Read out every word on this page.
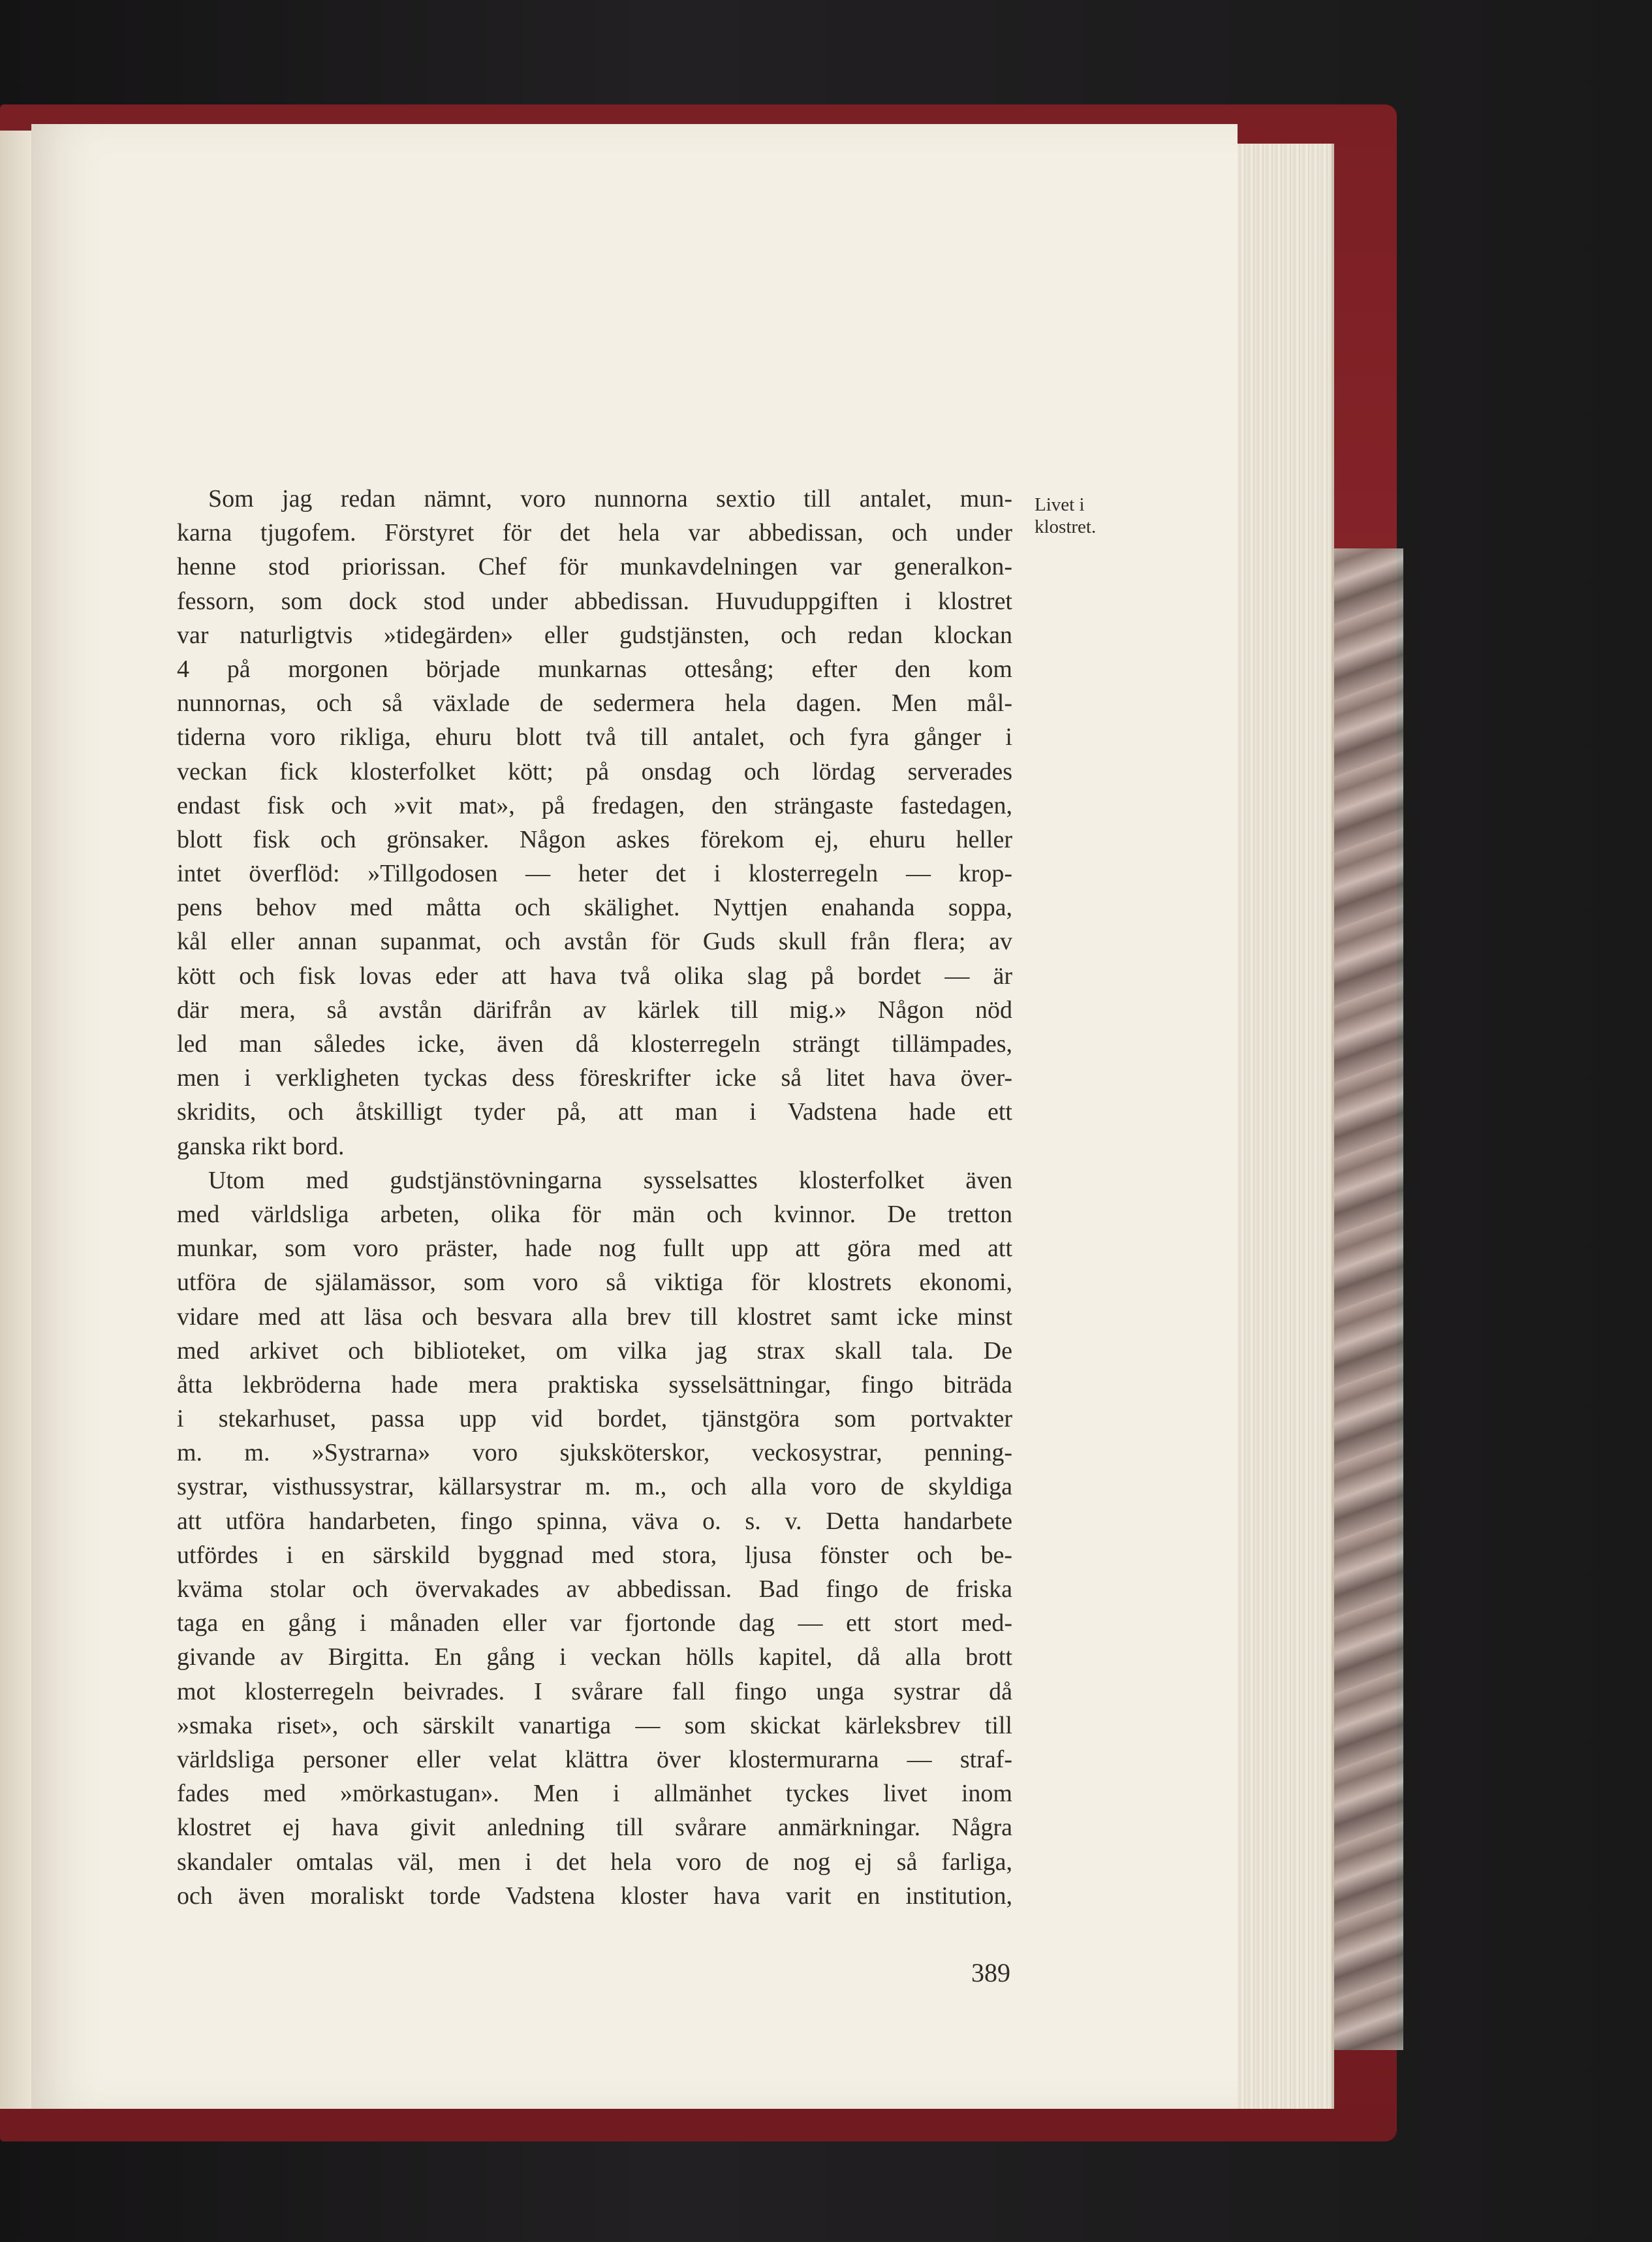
Som jag redan nämnt, voro nunnorna sextio till antalet, mun-
karna tjugofem. Förstyret för det hela var abbedissan, och under
henne stod priorissan. Chef för munkavdelningen var generalkon-
fessorn, som dock stod under abbedissan. Huvuduppgiften i klostret
var naturligtvis »tidegärden» eller gudstjänsten, och redan klockan
4 på morgonen började munkarnas ottesång; efter den kom
nunnornas, och så växlade de sedermera hela dagen. Men mål-
tiderna voro rikliga, ehuru blott två till antalet, och fyra gånger i
veckan fick klosterfolket kött; på onsdag och lördag serverades
endast fisk och »vit mat», på fredagen, den strängaste fastedagen,
blott fisk och grönsaker. Någon askes förekom ej, ehuru heller
intet överflöd: »Tillgodosen — heter det i klosterregeln — krop-
pens behov med måtta och skälighet. Nyttjen enahanda soppa,
kål eller annan supanmat, och avstån för Guds skull från flera; av
kött och fisk lovas eder att hava två olika slag på bordet — är
där mera, så avstån därifrån av kärlek till mig.» Någon nöd
led man således icke, även då klosterregeln strängt tillämpades,
men i verkligheten tyckas dess föreskrifter icke så litet hava över-
skridits, och åtskilligt tyder på, att man i Vadstena hade ett
ganska rikt bord.
Utom med gudstjänstövningarna sysselsattes klosterfolket även
med världsliga arbeten, olika för män och kvinnor. De tretton
munkar, som voro präster, hade nog fullt upp att göra med att
utföra de själamässor, som voro så viktiga för klostrets ekonomi,
vidare med att läsa och besvara alla brev till klostret samt icke minst
med arkivet och biblioteket, om vilka jag strax skall tala. De
åtta lekbröderna hade mera praktiska sysselsättningar, fingo biträda
i stekarhuset, passa upp vid bordet, tjänstgöra som portvakter
m. m. »Systrarna» voro sjuksköterskor, veckosystrar, penning-
systrar, visthussystrar, källarsystrar m. m., och alla voro de skyldiga
att utföra handarbeten, fingo spinna, väva o. s. v. Detta handarbete
utfördes i en särskild byggnad med stora, ljusa fönster och be-
kväma stolar och övervakades av abbedissan. Bad fingo de friska
taga en gång i månaden eller var fjortonde dag — ett stort med-
givande av Birgitta. En gång i veckan hölls kapitel, då alla brott
mot klosterregeln beivrades. I svårare fall fingo unga systrar då
»smaka riset», och särskilt vanartiga — som skickat kärleksbrev till
världsliga personer eller velat klättra över klostermurarna — straf-
fades med »mörkastugan». Men i allmänhet tyckes livet inom
klostret ej hava givit anledning till svårare anmärkningar. Några
skandaler omtalas väl, men i det hela voro de nog ej så farliga,
och även moraliskt torde Vadstena kloster hava varit en institution,
Livet i
klostret.
389
